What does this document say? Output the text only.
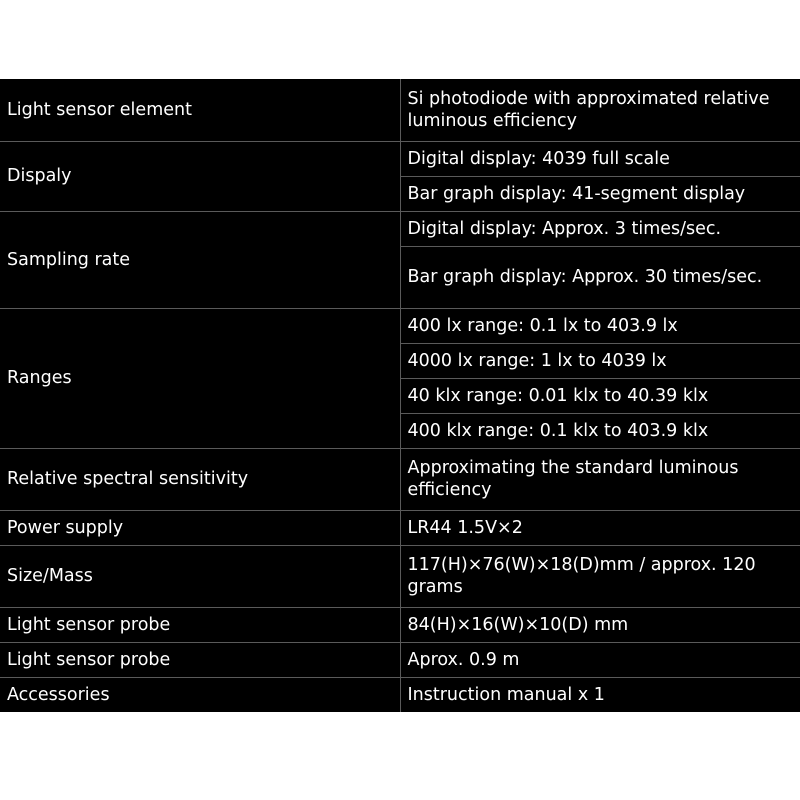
Light sensor element	Si photodiode with approximated relative luminous efficiency

Dispaly	Digital display: 4039 full scale

	Bar graph display: 41-segment display

Sampling rate	Digital display: Approx. 3 times/sec.

	Bar graph display: Approx. 30 times/sec.

Ranges	400 lx range: 0.1 lx to 403.9 lx

	4000 lx range: 1 lx to 4039 lx

	40 klx range: 0.01 klx to 40.39 klx

	400 klx range: 0.1 klx to 403.9 klx

Relative spectral sensitivity	Approximating the standard luminous efficiency

Power supply	LR44 1.5V×2

Size/Mass	117(H)×76(W)×18(D)mm / approx. 120 grams

Light sensor probe	84(H)×16(W)×10(D) mm

Light sensor probe	Aprox. 0.9 m

Accessories	Instruction manual x 1
